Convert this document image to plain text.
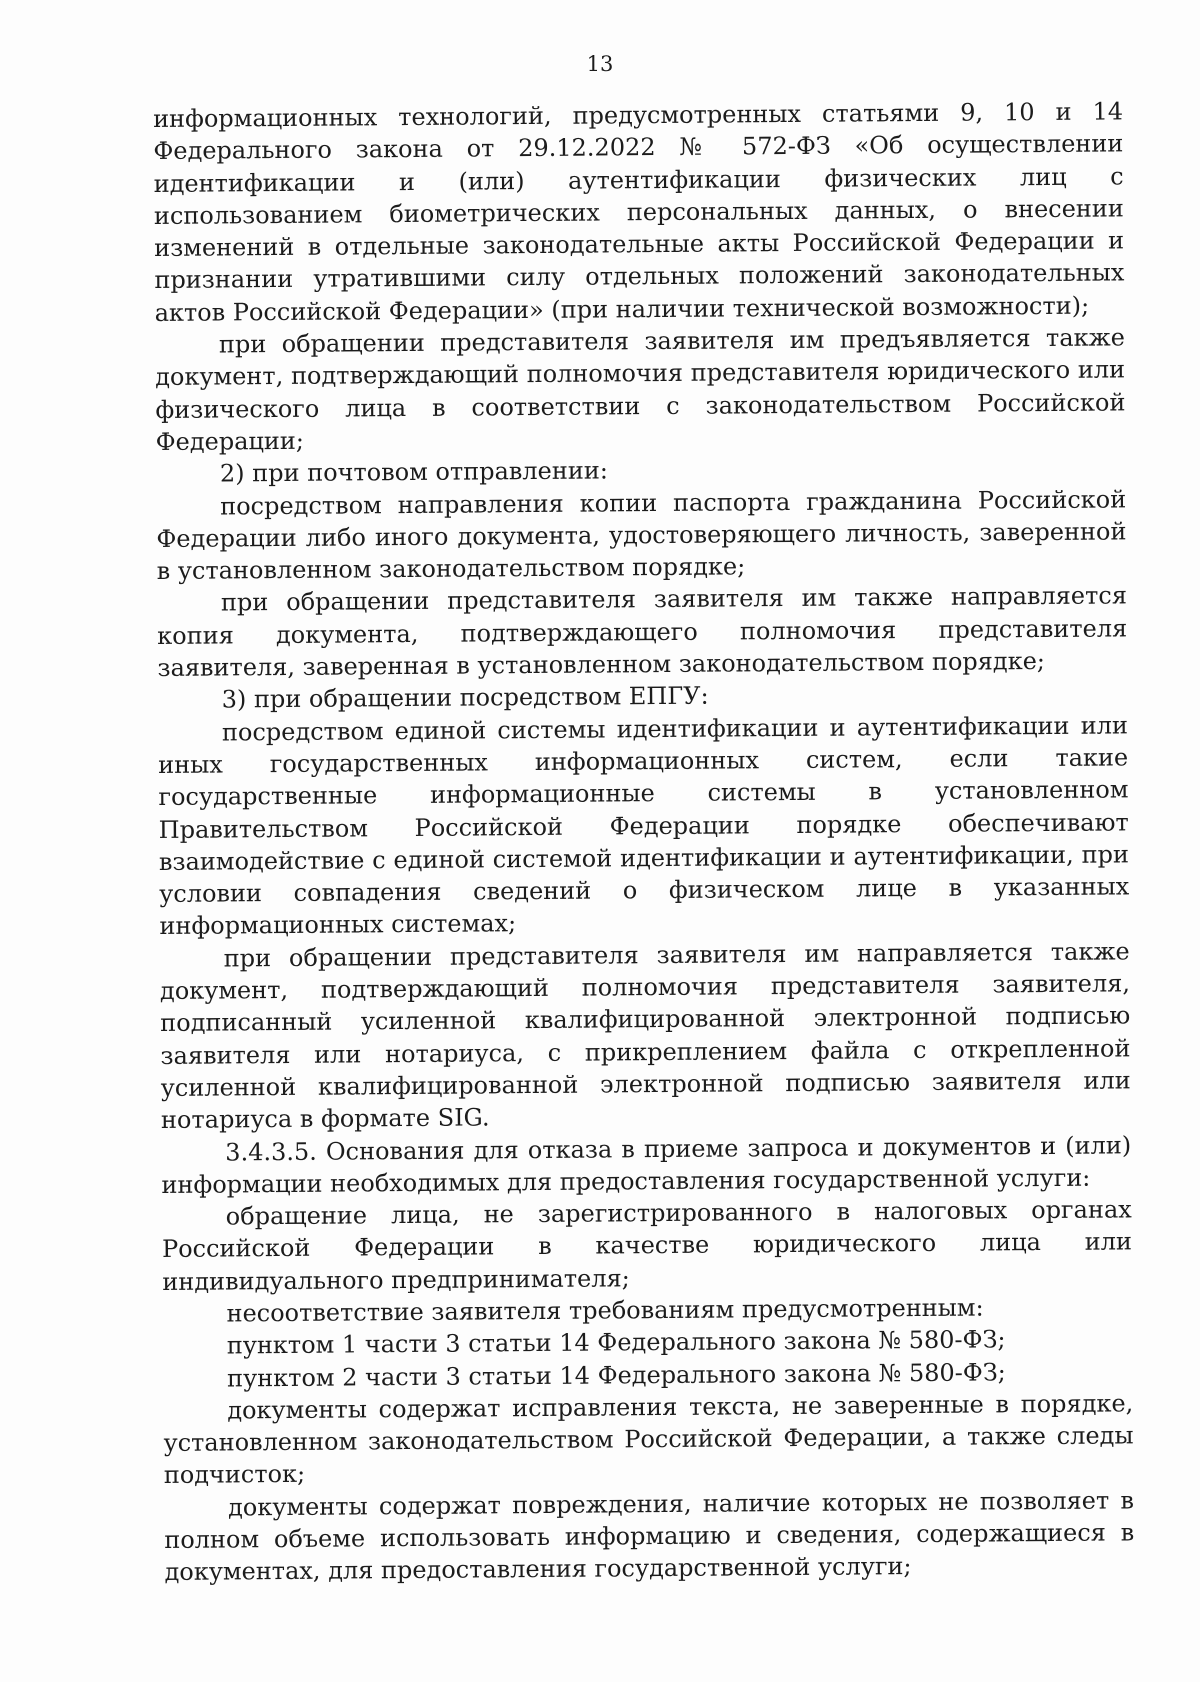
13

информационных технологий, предусмотренных статьями 9, 10 и 14 Федерального закона от 29.12.2022 № 572-ФЗ «Об осуществлении идентификации и (или) аутентификации физических лиц с использованием биометрических персональных данных, о внесении изменений в отдельные законодательные акты Российской Федерации и признании утратившими силу отдельных положений законодательных актов Российской Федерации» (при наличии технической возможности);

при обращении представителя заявителя им предъявляется также документ, подтверждающий полномочия представителя юридического или физического лица в соответствии с законодательством Российской Федерации;

2) при почтовом отправлении:

посредством направления копии паспорта гражданина Российской Федерации либо иного документа, удостоверяющего личность, заверенной в установленном законодательством порядке;

при обращении представителя заявителя им также направляется копия документа, подтверждающего полномочия представителя заявителя, заверенная в установленном законодательством порядке;

3) при обращении посредством ЕПГУ:

посредством единой системы идентификации и аутентификации или иных государственных информационных систем, если такие государственные информационные системы в установленном Правительством Российской Федерации порядке обеспечивают взаимодействие с единой системой идентификации и аутентификации, при условии совпадения сведений о физическом лице в указанных информационных системах;

при обращении представителя заявителя им направляется также документ, подтверждающий полномочия представителя заявителя, подписанный усиленной квалифицированной электронной подписью заявителя или нотариуса, с прикреплением файла с открепленной усиленной квалифицированной электронной подписью заявителя или нотариуса в формате SIG.

3.4.3.5. Основания для отказа в приеме запроса и документов и (или) информации необходимых для предоставления государственной услуги:

обращение лица, не зарегистрированного в налоговых органах Российской Федерации в качестве юридического лица или индивидуального предпринимателя;

несоответствие заявителя требованиям предусмотренным:

пунктом 1 части 3 статьи 14 Федерального закона № 580-ФЗ;

пунктом 2 части 3 статьи 14 Федерального закона № 580-ФЗ;

документы содержат исправления текста, не заверенные в порядке, установленном законодательством Российской Федерации, а также следы подчисток;

документы содержат повреждения, наличие которых не позволяет в полном объеме использовать информацию и сведения, содержащиеся в документах, для предоставления государственной услуги;
